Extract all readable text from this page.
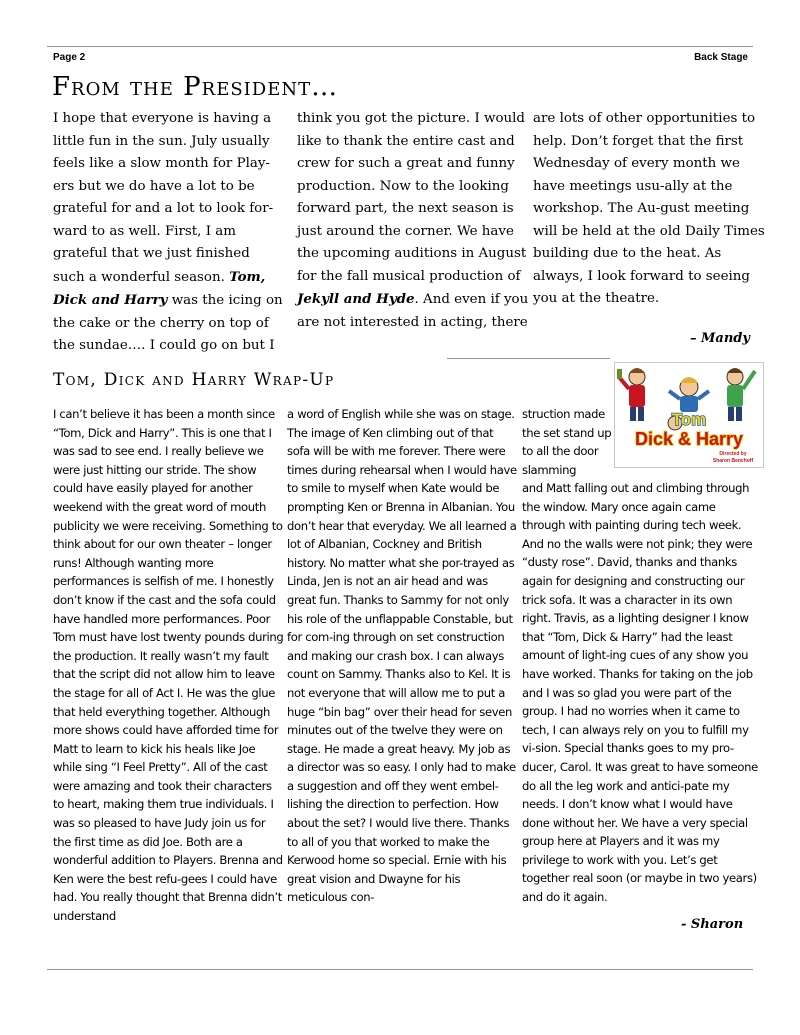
Page 2	Back Stage
From the President…

I hope that everyone is having a little fun in the sun. July usually feels like a slow month for Play-ers but we do have a lot to be grateful for and a lot to look for-ward to as well. First, I am grateful that we just finished such a wonderful season. Tom, Dick and Harry was the icing on the cake or the cherry on top of the sundae…. I could go on but I

think you got the picture. I would like to thank the entire cast and crew for such a great and funny production. Now to the looking forward part, the next season is just around the corner. We have the upcoming auditions in August for the fall musical production of Jekyll and Hyde. And even if you are not interested in acting, there

are lots of other opportunities to help. Don’t forget that the first Wednesday of every month we have meetings usu-ally at the workshop. The Au-gust meeting will be held at the old Daily Times building due to the heat. As always, I look forward to seeing you at the theatre.

– Mandy
Tom, Dick and Harry Wrap-Up

I can’t believe it has been a month since “Tom, Dick and Harry”. This is one that I was sad to see end. I really believe we were just hitting our stride. The show could have easily played for another weekend with the great word of mouth publicity we were receiving. Something to think about for our own theater – longer runs! Although wanting more performances is selfish of me. I honestly don’t know if the cast and the sofa could have handled more performances. Poor Tom must have lost twenty pounds during the production. It really wasn’t my fault that the script did not allow him to leave the stage for all of Act I. He was the glue that held everything together. Although more shows could have afforded time for Matt to learn to kick his heals like Joe while sing “I Feel Pretty”. All of the cast were amazing and took their characters to heart, making them true individuals. I was so pleased to have Judy join us for the first time as did Joe. Both are a wonderful addition to Players. Brenna and Ken were the best refu-gees I could have had. You really thought that Brenna didn’t understand

a word of English while she was on stage. The image of Ken climbing out of that sofa will be with me forever. There were times during rehearsal when I would have to smile to myself when Kate would be prompting Ken or Brenna in Albanian. You don’t hear that everyday. We all learned a lot of Albanian, Cockney and British history. No matter what she por-trayed as Linda, Jen is not an air head and was great fun. Thanks to Sammy for not only his role of the unflappable Constable, but for com-ing through on set construction and making our crash box. I can always count on Sammy. Thanks also to Kel. It is not everyone that will allow me to put a huge “bin bag” over their head for seven minutes out of the twelve they were on stage. He made a great heavy. My job as a director was so easy. I only had to make a suggestion and off they went embel-lishing the direction to perfection. How about the set? I would live there. Thanks to all of you that worked to make the Kerwood home so special. Ernie with his great vision and Dwayne for his meticulous con-

struction made the set stand up to all the door slamming

and Matt falling out and climbing through the window. Mary once again came through with painting during tech week. And no the walls were not pink; they were “dusty rose”. David, thanks and thanks again for designing and constructing our trick sofa. It was a character in its own right. Travis, as a lighting designer I know that “Tom, Dick & Harry” had the least amount of light-ing cues of any show you have worked. Thanks for taking on the job and I was so glad you were part of the group. I had no worries when it came to tech, I can always rely on you to fulfill my vi-sion. Special thanks goes to my pro-ducer, Carol. It was great to have someone do all the leg work and antici-pate my needs. I don’t know what I would have done without her. We have a very special group here at Players and it was my privilege to work with you. Let’s get together real soon (or maybe in two years) and do it again.

Tom
Dick & Harry
Directed by
Sharon Benchoff
- Sharon
